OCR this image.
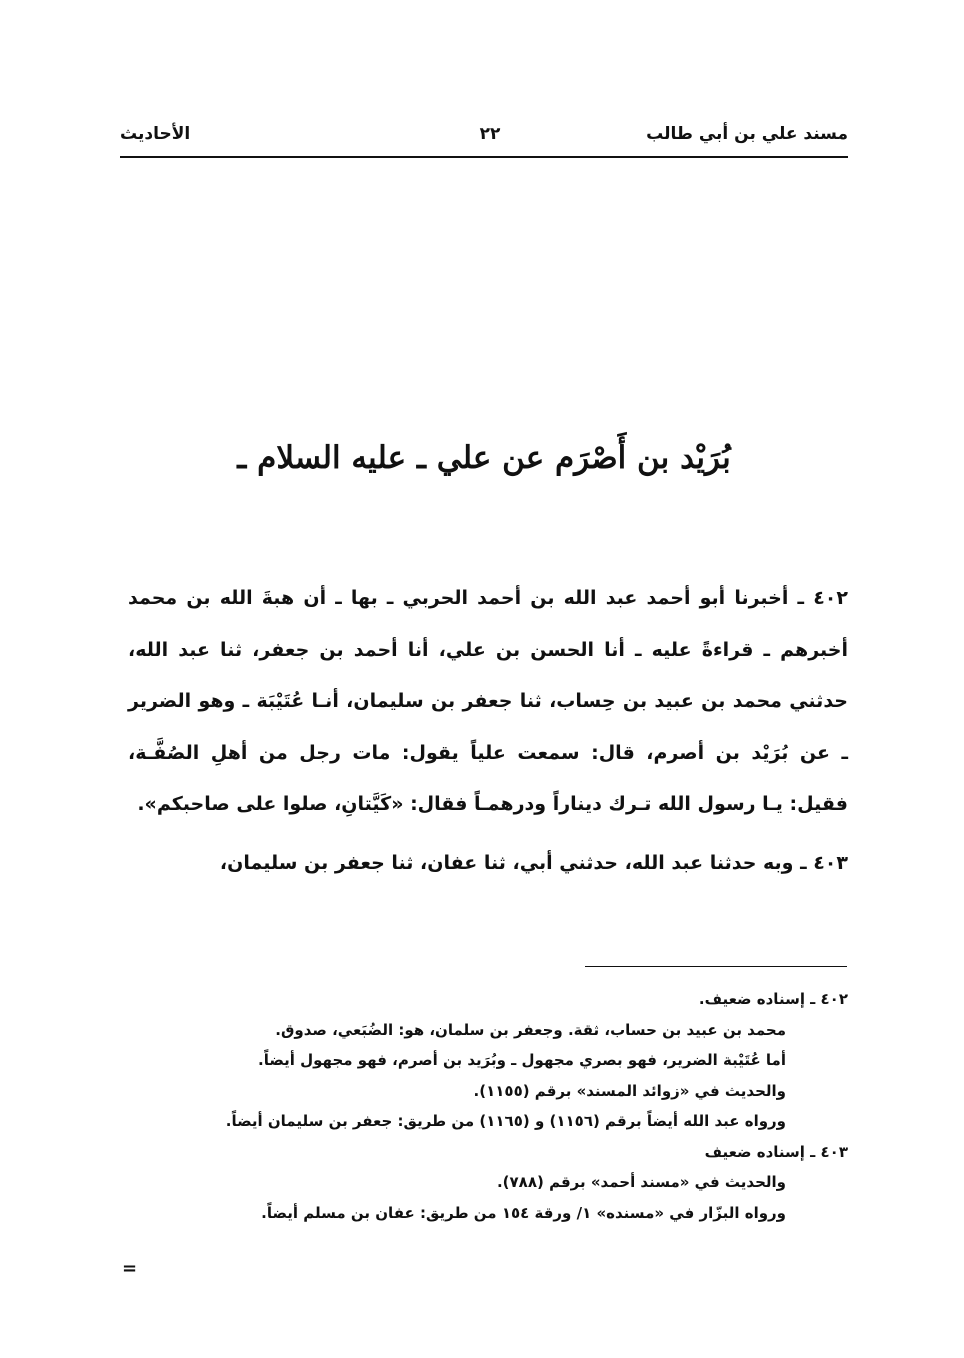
مسند علي بن أبي طالب
٢٢
الأحاديث
بُرَيْد بن أَصْرَم عن علي ـ عليه السلام ـ

٤٠٢ ـ أخبرنا أبو أحمد عبد الله بن أحمد الحربي ـ بها ـ أن هبةَ الله بن محمد أخبرهم ـ قراءةً عليه ـ أنا الحسن بن علي، أنا أحمد بن جعفر، ثنا عبد الله، حدثني محمد بن عبيد بن حِساب، ثنا جعفر بن سليمان، أنـا عُتَيْبَة ـ وهو الضرير ـ عن بُرَيْد بن أصرم، قال: سمعت علياً يقول: مات رجل من أهلِ الصُفَّـة، فقيل: يـا رسول الله تـرك ديناراً ودرهمـاً فقال: «كَيَّتانِ، صلوا على صاحبكم».

٤٠٣ ـ وبه حدثنا عبد الله، حدثني أبي، ثنا عفان، ثنا جعفر بن سليمان،

٤٠٢ ـ إسناده ضعيف.

محمد بن عبيد بن حساب، ثقة. وجعفر بن سلمان، هو: الضُبَعي، صدوق.

أما عُتَيْبة الضرير، فهو بصري مجهول ـ وبُرَيد بن أصرم، فهو مجهول أيضاً.

والحديث في «زوائد المسند» برقم (١١٥٥).

ورواه عبد الله أيضاً برقم (١١٥٦) و (١١٦٥) من طريق: جعفر بن سليمان أيضاً.

٤٠٣ ـ إسناده ضعيف

والحديث في «مسند أحمد» برقم (٧٨٨).

ورواه البزّار في «مسنده» ١/ ورقة ١٥٤ من طريق: عفان بن مسلم أيضاً.

=
